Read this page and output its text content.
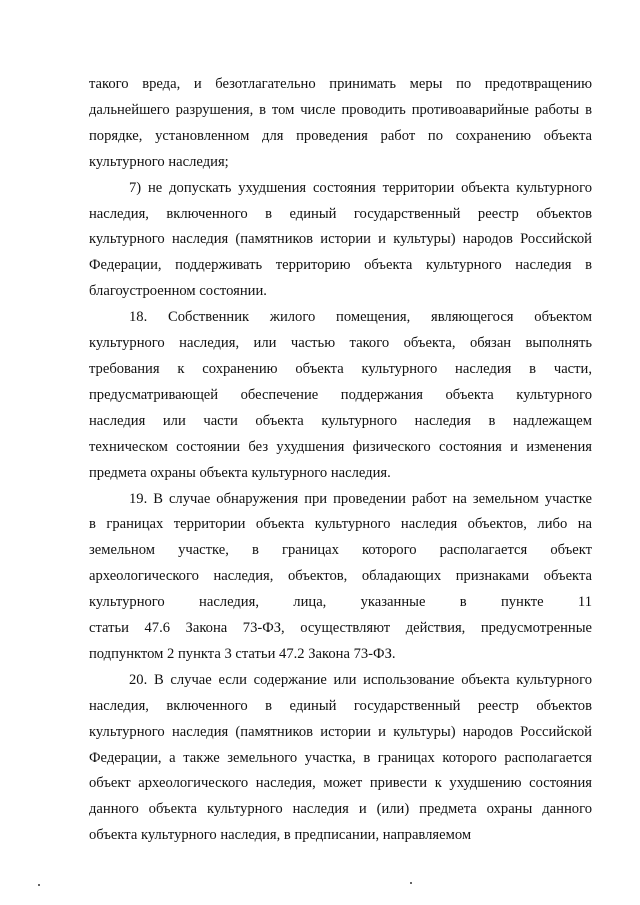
такого вреда, и безотлагательно принимать меры по предотвращению
дальнейшего разрушения, в том числе проводить противоаварийные работы в
порядке, установленном для проведения работ по сохранению объекта
культурного наследия;
7) не допускать ухудшения состояния территории объекта культурного
наследия, включенного в единый государственный реестр объектов
культурного наследия (памятников истории и культуры) народов Российской
Федерации, поддерживать территорию объекта культурного наследия в
благоустроенном состоянии.
18. Собственник жилого помещения, являющегося объектом
культурного наследия, или частью такого объекта, обязан выполнять
требования к сохранению объекта культурного наследия в части,
предусматривающей обеспечение поддержания объекта культурного
наследия или части объекта культурного наследия в надлежащем
техническом состоянии без ухудшения физического состояния и изменения
предмета охраны объекта культурного наследия.
19. В случае обнаружения при проведении работ на земельном участке
в границах территории объекта культурного наследия объектов, либо на
земельном участке, в границах которого располагается объект
археологического наследия, объектов, обладающих признаками объекта
культурного наследия, лица, указанные в пункте 11
статьи 47.6 Закона 73-ФЗ, осуществляют действия, предусмотренные
подпунктом 2 пункта 3 статьи 47.2 Закона 73-ФЗ.
20. В случае если содержание или использование объекта культурного
наследия, включенного в единый государственный реестр объектов
культурного наследия (памятников истории и культуры) народов Российской
Федерации, а также земельного участка, в границах которого располагается
объект археологического наследия, может привести к ухудшению состояния
данного объекта культурного наследия и (или) предмета охраны данного
объекта культурного наследия, в предписании, направляемом
